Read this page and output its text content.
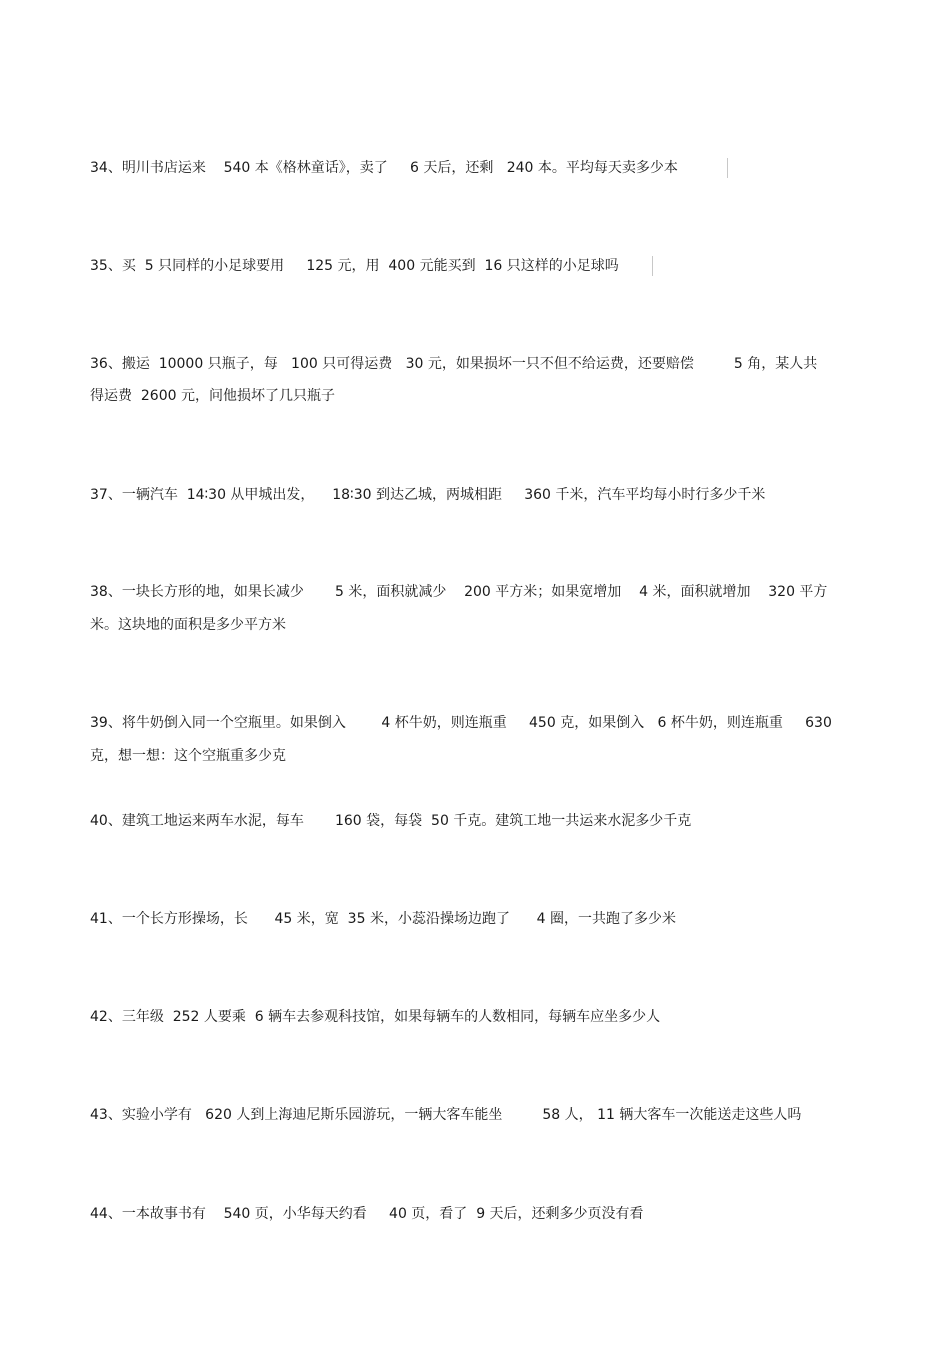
34、明川书店运来    540 本《格林童话》，卖了     6 天后，还剩   240 本。平均每天卖多少本
35、买  5 只同样的小足球要用     125 元，用  400 元能买到  16 只这样的小足球吗
36、搬运  10000 只瓶子，每   100 只可得运费   30 元，如果损坏一只不但不给运费，还要赔偿         5 角，某人共
得运费  2600 元，问他损坏了几只瓶子
37、一辆汽车  14∶30 从甲城出发，    18∶30 到达乙城，两城相距     360 千米，汽车平均每小时行多少千米
38、一块长方形的地，如果长减少       5 米，面积就减少    200 平方米；如果宽增加    4 米，面积就增加    320 平方
米。这块地的面积是多少平方米
39、将牛奶倒入同一个空瓶里。如果倒入        4 杯牛奶，则连瓶重     450 克，如果倒入   6 杯牛奶，则连瓶重     630
克，想一想：这个空瓶重多少克
40、建筑工地运来两车水泥，每车       160 袋，每袋  50 千克。建筑工地一共运来水泥多少千克
41、一个长方形操场，长      45 米，宽  35 米，小蕊沿操场边跑了      4 圈，一共跑了多少米
42、三年级  252 人要乘  6 辆车去参观科技馆，如果每辆车的人数相同，每辆车应坐多少人
43、实验小学有   620 人到上海迪尼斯乐园游玩，一辆大客车能坐         58 人， 11 辆大客车一次能送走这些人吗
44、一本故事书有    540 页，小华每天约看     40 页，看了  9 天后，还剩多少页没有看
